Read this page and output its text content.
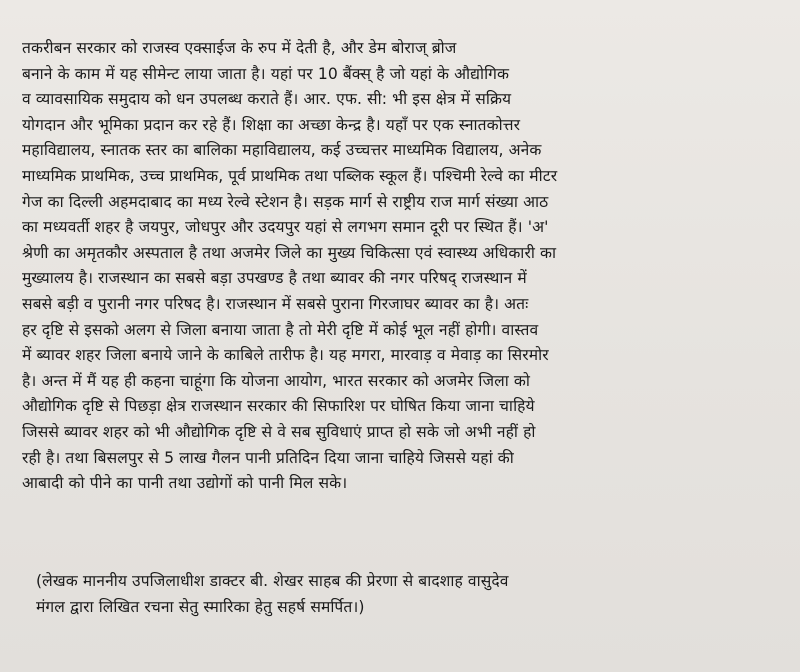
तकरीबन सरकार को राजस्व एक्साईज के रुप में देती है, और डेम बोराज् ब्रोज
बनाने के काम में यह सीमेन्ट लाया जाता है। यहां पर 10 बैंक्स् है जो यहां के औद्योगिक
व व्यावसायिक समुदाय को धन उपलब्ध कराते हैं। आर. एफ. सी: भी इस क्षेत्र में सक्रिय
योगदान और भूमिका प्रदान कर रहे हैं। शिक्षा का अच्छा केन्द्र है। यहाँ पर एक स्नातकोत्तर
महाविद्यालय, स्नातक स्तर का बालिका महाविद्यालय, कई उच्चत्तर माध्यमिक विद्यालय, अनेक
माध्यमिक प्राथमिक, उच्च प्राथमिक, पूर्व प्राथमिक तथा पब्लिक स्कूल हैं। पश्चिमी रेल्वे का मीटर
गेज का दिल्ली अहमदाबाद का मध्य रेल्वे स्टेशन है। सड़क मार्ग से राष्ट्रीय राज मार्ग संख्या आठ
का मध्यवर्ती शहर है जयपुर, जोधपुर और उदयपुर यहां से लगभग समान दूरी पर स्थित हैं। 'अ'
श्रेणी का अमृतकौर अस्पताल है तथा अजमेर जिले का मुख्य चिकित्सा एवं स्वास्थ्य अधिकारी का
मुख्यालय है। राजस्थान का सबसे बड़ा उपखण्ड है तथा ब्यावर की नगर परिषद् राजस्थान में
सबसे बड़ी व पुरानी नगर परिषद है। राजस्थान में सबसे पुराना गिरजाघर ब्यावर का है। अतः
हर दृष्टि से इसको अलग से जिला बनाया जाता है तो मेरी दृष्टि में कोई भूल नहीं होगी। वास्तव
में ब्यावर शहर जिला बनाये जाने के काबिले तारीफ है। यह मगरा, मारवाड़ व मेवाड़ का सिरमोर
है। अन्त में मैं यह ही कहना चाहूंगा कि योजना आयोग, भारत सरकार को अजमेर जिला को
औद्योगिक दृष्टि से पिछड़ा क्षेत्र राजस्थान सरकार की सिफारिश पर घोषित किया जाना चाहिये
जिससे ब्यावर शहर को भी औद्योगिक दृष्टि से वे सब सुविधाएं प्राप्त हो सके जो अभी नहीं हो
रही है। तथा बिसलपुर से 5 लाख गैलन पानी प्रतिदिन दिया जाना चाहिये जिससे यहां की
आबादी को पीने का पानी तथा उद्योगों को पानी मिल सके।
(लेखक माननीय उपजिलाधीश डाक्टर बी. शेखर साहब की प्रेरणा से बादशाह वासुदेव
मंगल द्वारा लिखित रचना सेतु स्मारिका हेतु सहर्ष समर्पित।)
